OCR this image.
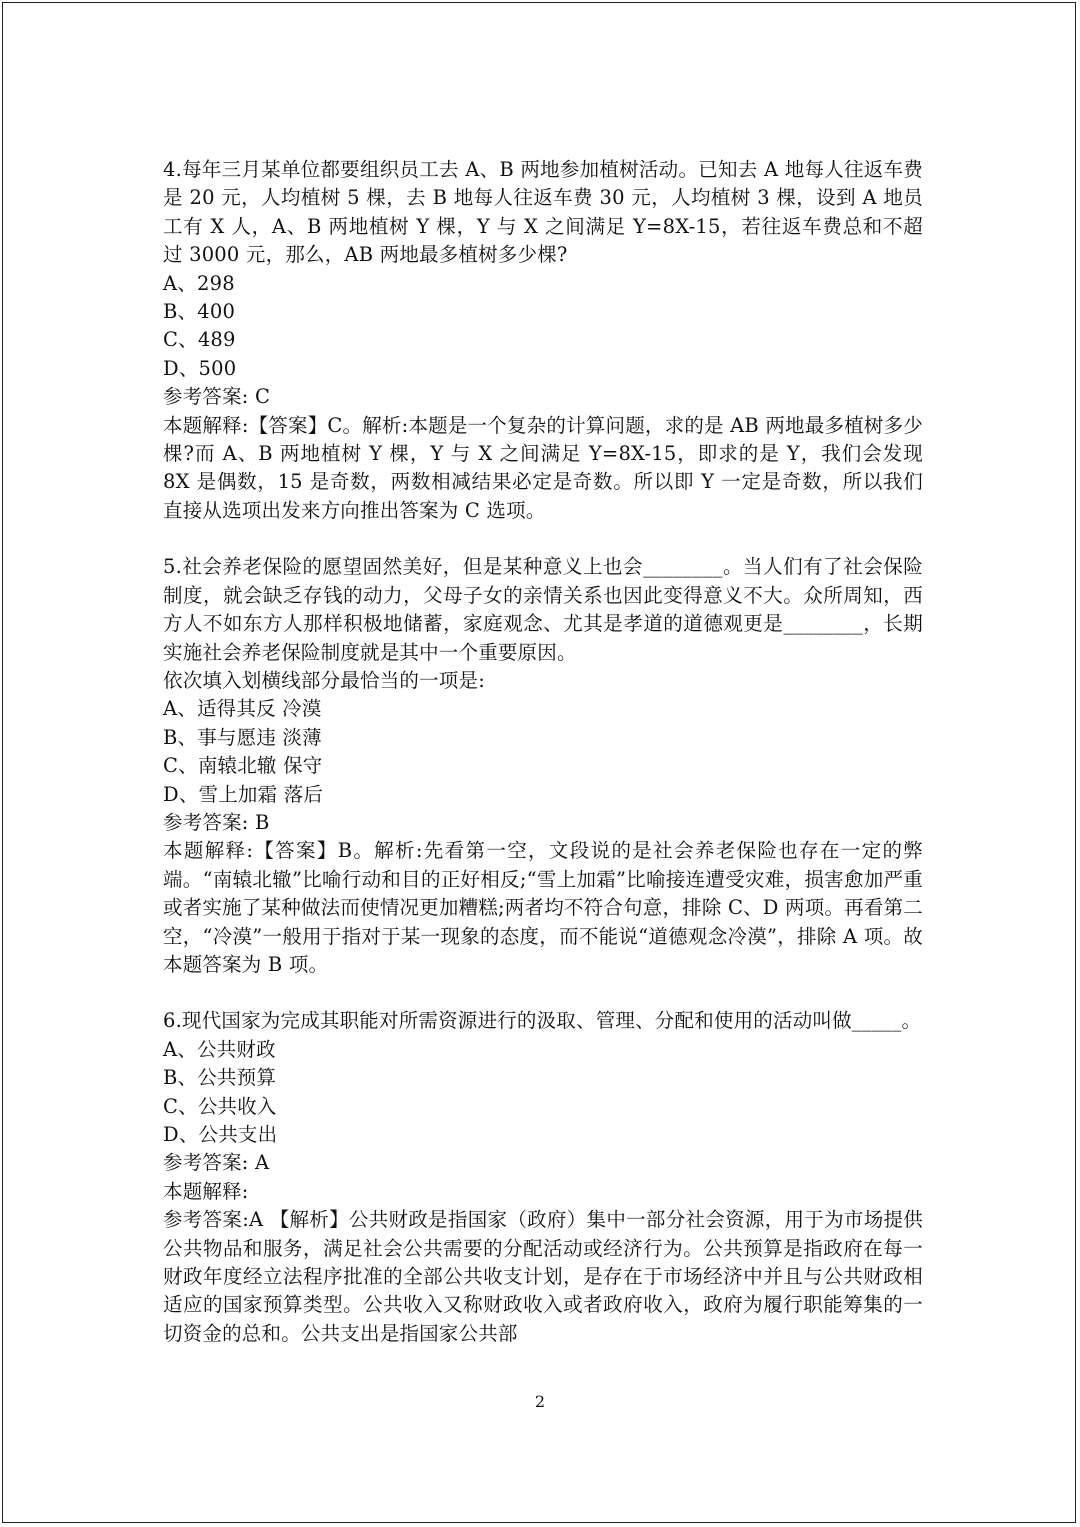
4.每年三月某单位都要组织员工去 A、B 两地参加植树活动。已知去 A 地每人往返车费是 20 元，人均植树 5 棵，去 B 地每人往返车费 30 元，人均植树 3 棵，设到 A 地员工有 X 人，A、B 两地植树 Y 棵，Y 与 X 之间满足 Y=8X-15，若往返车费总和不超过 3000 元，那么，AB 两地最多植树多少棵?

A、298

B、400

C、489

D、500

参考答案: C

本题解释:【答案】C。解析:本题是一个复杂的计算问题，求的是 AB 两地最多植树多少棵?而 A、B 两地植树 Y 棵，Y 与 X 之间满足 Y=8X-15，即求的是 Y，我们会发现 8X 是偶数，15 是奇数，两数相减结果必定是奇数。所以即 Y 一定是奇数，所以我们直接从选项出发来方向推出答案为 C 选项。

5.社会养老保险的愿望固然美好，但是某种意义上也会________。当人们有了社会保险制度，就会缺乏存钱的动力，父母子女的亲情关系也因此变得意义不大。众所周知，西方人不如东方人那样积极地储蓄，家庭观念、尤其是孝道的道德观更是________，长期实施社会养老保险制度就是其中一个重要原因。

依次填入划横线部分最恰当的一项是:

A、适得其反 冷漠

B、事与愿违 淡薄

C、南辕北辙 保守

D、雪上加霜 落后

参考答案: B

本题解释:【答案】B。解析:先看第一空，文段说的是社会养老保险也存在一定的弊端。“南辕北辙”比喻行动和目的正好相反;“雪上加霜”比喻接连遭受灾难，损害愈加严重或者实施了某种做法而使情况更加糟糕;两者均不符合句意，排除 C、D 两项。再看第二空，“冷漠”一般用于指对于某一现象的态度，而不能说“道德观念冷漠”，排除 A 项。故本题答案为 B 项。

6.现代国家为完成其职能对所需资源进行的汲取、管理、分配和使用的活动叫做_____。

A、公共财政

B、公共预算

C、公共收入

D、公共支出

参考答案: A

本题解释:

参考答案:A 【解析】公共财政是指国家（政府）集中一部分社会资源，用于为市场提供公共物品和服务，满足社会公共需要的分配活动或经济行为。公共预算是指政府在每一财政年度经立法程序批准的全部公共收支计划，是存在于市场经济中并且与公共财政相适应的国家预算类型。公共收入又称财政收入或者政府收入，政府为履行职能筹集的一切资金的总和。公共支出是指国家公共部

2
